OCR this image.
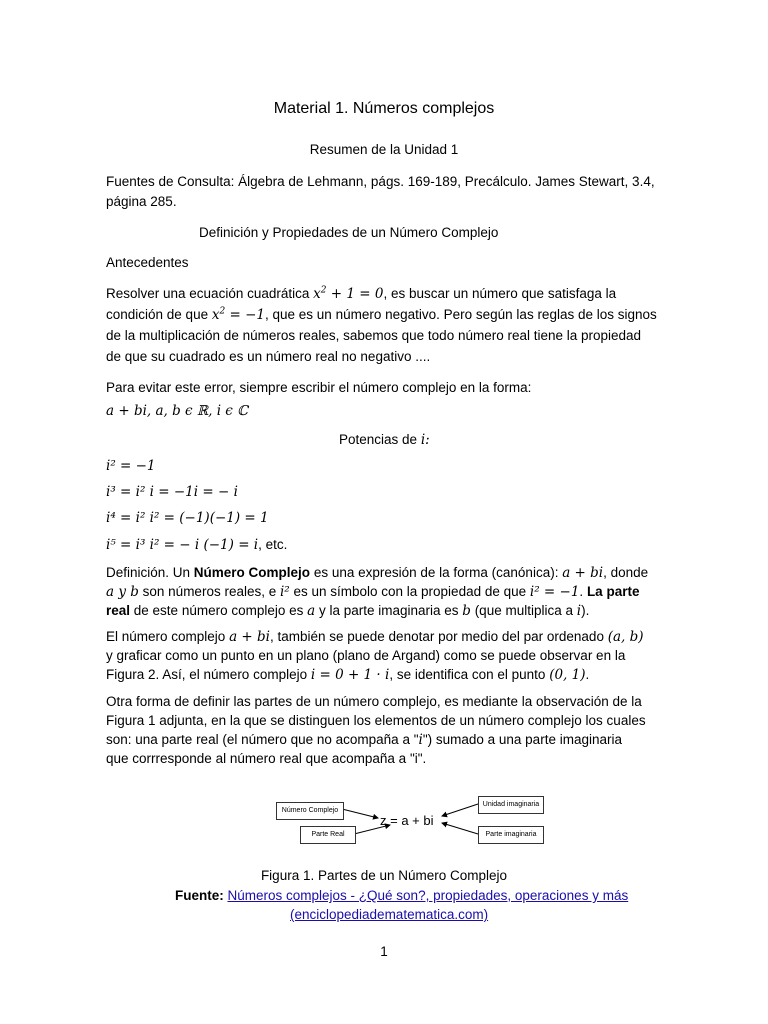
Material 1. Números complejos
Resumen de la Unidad 1
Fuentes de Consulta: Álgebra de Lehmann, págs. 169-189, Precálculo. James Stewart, 3.4,
página 285.
Definición y Propiedades de un Número Complejo
Antecedentes
Resolver una ecuación cuadrática $x^2 + 1 = 0$, es buscar un número que satisfaga la
condición de que $x^2 = -1$, que es un número negativo. Pero según las reglas de los signos
de la multiplicación de números reales, sabemos que todo número real tiene la propiedad
de que su cuadrado es un número real no negativo ....
Para evitar este error, siempre escribir el número complejo en la forma:
a + bi, a, b ϵ ℝ, i ϵ ℂ
Potencias de i:
i² = −1
i³ = i² i = −1i = − i
i⁴ = i² i² = (−1)(−1) = 1
i⁵ = i³ i² = − i (−1) = i, etc.
Definición. Un Número Complejo es una expresión de la forma (canónica): a + bi, donde
a y b son números reales, e i² es un símbolo con la propiedad de que i² = −1. La parte
real de este número complejo es a y la parte imaginaria es b (que multiplica a i).
El número complejo a + bi, también se puede denotar por medio del par ordenado (a, b)
y graficar como un punto en un plano (plano de Argand) como se puede observar en la
Figura 2. Así, el número complejo i = 0 + 1 · i, se identifica con el punto (0, 1).
Otra forma de definir las partes de un número complejo, es mediante la observación de la
Figura 1 adjunta, en la que se distinguen los elementos de un número complejo los cuales
son: una parte real (el número que no acompaña a "i") sumado a una parte imaginaria
que corrresponde al número real que acompaña a "i".
Número Complejo
Parte Real
z = a + bi
Unidad imaginaria
Parte imaginaria
Figura 1. Partes de un Número Complejo
Fuente: Números complejos - ¿Qué son?, propiedades, operaciones y más
(enciclopediadematematica.com)
1
